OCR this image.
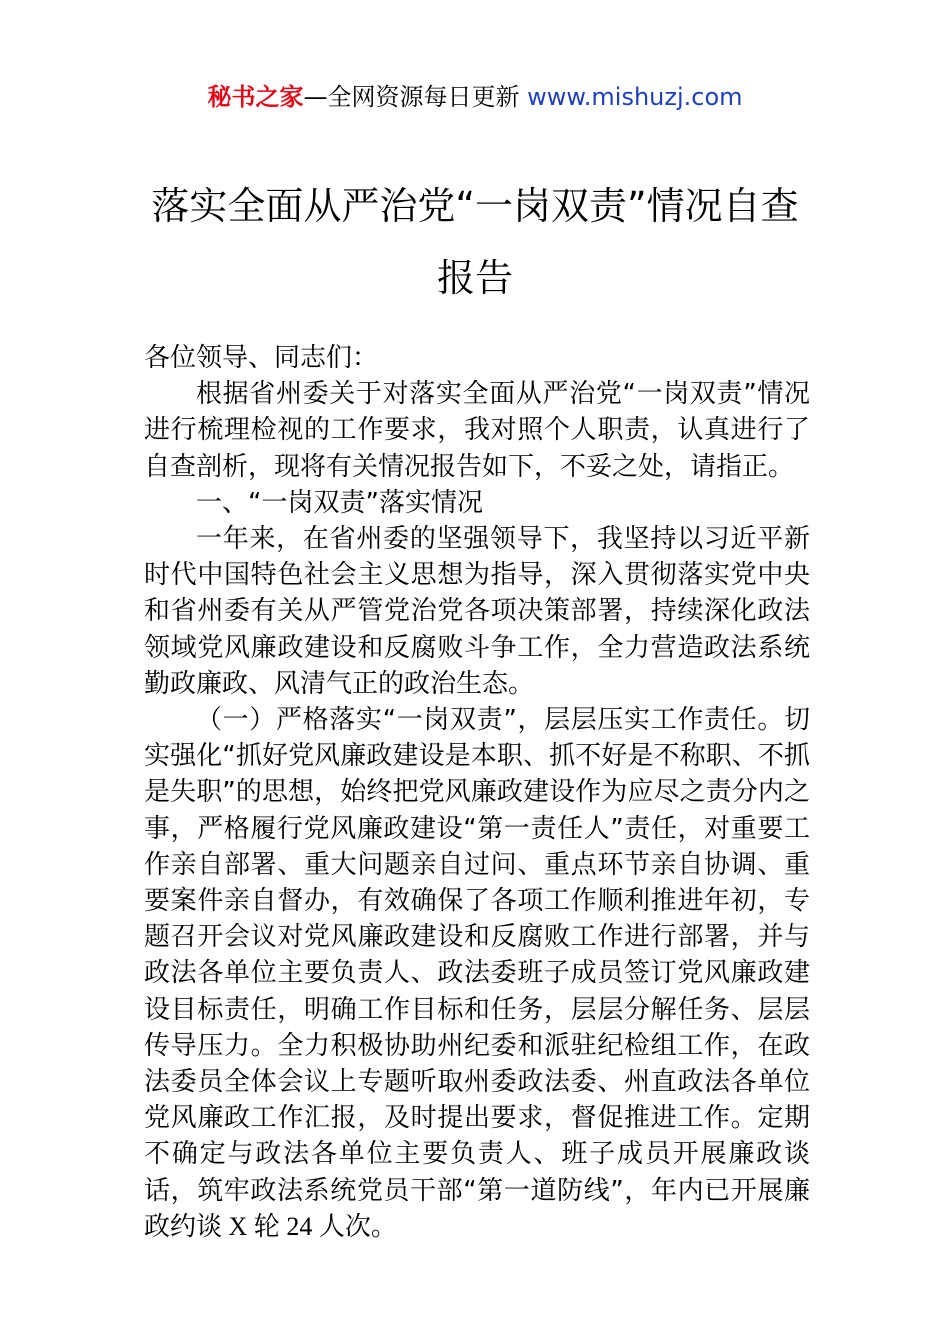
秘书之家—全网资源每日更新 www.mishuzj.com
落实全面从严治党“一岗双责”情况自查报告

各位领导、同志们：

根据省州委关于对落实全面从严治党“一岗双责”情况进行梳理检视的工作要求，我对照个人职责，认真进行了自查剖析，现将有关情况报告如下，不妥之处，请指正。

一、“一岗双责”落实情况

一年来，在省州委的坚强领导下，我坚持以习近平新时代中国特色社会主义思想为指导，深入贯彻落实党中央和省州委有关从严管党治党各项决策部署，持续深化政法领域党风廉政建设和反腐败斗争工作，全力营造政法系统勤政廉政、风清气正的政治生态。

（一）严格落实“一岗双责”，层层压实工作责任。切实强化“抓好党风廉政建设是本职、抓不好是不称职、不抓是失职”的思想，始终把党风廉政建设作为应尽之责分内之事，严格履行党风廉政建设“第一责任人”责任，对重要工作亲自部署、重大问题亲自过问、重点环节亲自协调、重要案件亲自督办，有效确保了各项工作顺利推进年初，专题召开会议对党风廉政建设和反腐败工作进行部署，并与政法各单位主要负责人、政法委班子成员签订党风廉政建设目标责任，明确工作目标和任务，层层分解任务、层层传导压力。全力积极协助州纪委和派驻纪检组工作，在政法委员全体会议上专题听取州委政法委、州直政法各单位党风廉政工作汇报，及时提出要求，督促推进工作。定期不确定与政法各单位主要负责人、班子成员开展廉政谈话，筑牢政法系统党员干部“第一道防线”，年内已开展廉政约谈 X 轮 24 人次。
